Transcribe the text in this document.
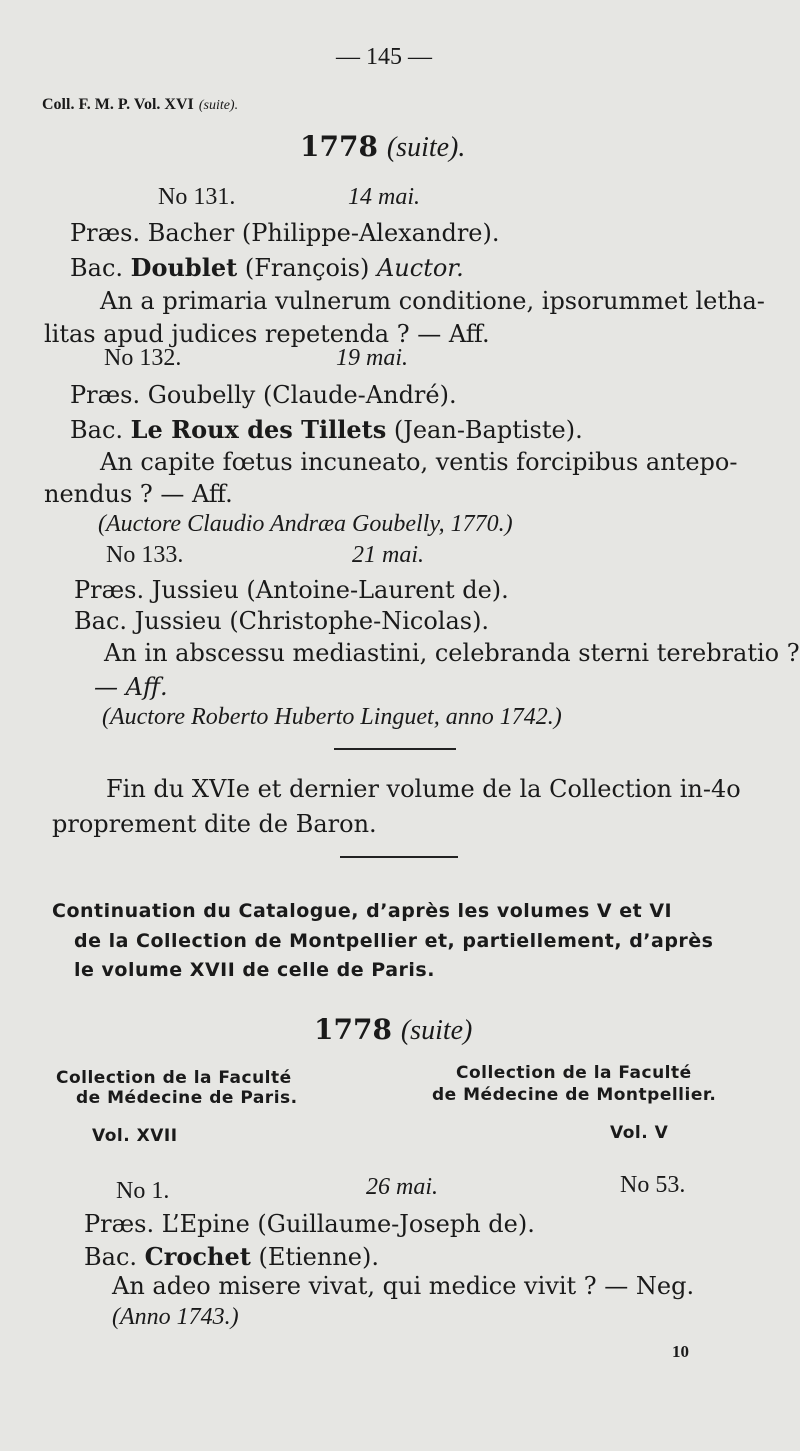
— 145 —
Coll. F. M. P. Vol. XVI (suite).
1778 (suite).
No 131.	14 mai.
Præs. Bacher (Philippe-Alexandre).
Bac. Doublet (François) Auctor.
An a primaria vulnerum conditione, ipsorummet letha-
litas apud judices repetenda ? — Aff.
No 132.	19 mai.
Præs. Goubelly (Claude-André).
Bac. Le Roux des Tillets (Jean-Baptiste).
An capite fœtus incuneato, ventis forcipibus antepo-
nendus ? — Aff.
(Auctore Claudio Andræa Goubelly, 1770.)
No 133.	21 mai.
Præs. Jussieu (Antoine-Laurent de).
Bac. Jussieu (Christophe-Nicolas).
An in abscessu mediastini, celebranda sterni terebratio ?
— Aff.
(Auctore Roberto Huberto Linguet, anno 1742.)
Fin du XVIe et dernier volume de la Collection in-4o
proprement dite de Baron.
Continuation du Catalogue, d’après les volumes V et VI
de la Collection de Montpellier et, partiellement, d’après
le volume XVII de celle de Paris.
1778 (suite)
Collection de la Faculté
de Médecine de Paris.
Collection de la Faculté
de Médecine de Montpellier.
Vol. XVII	Vol. V
No 1.	26 mai.	No 53.
Præs. L’Epine (Guillaume-Joseph de).
Bac. Crochet (Etienne).
An adeo misere vivat, qui medice vivit ? — Neg.
(Anno 1743.)
10
